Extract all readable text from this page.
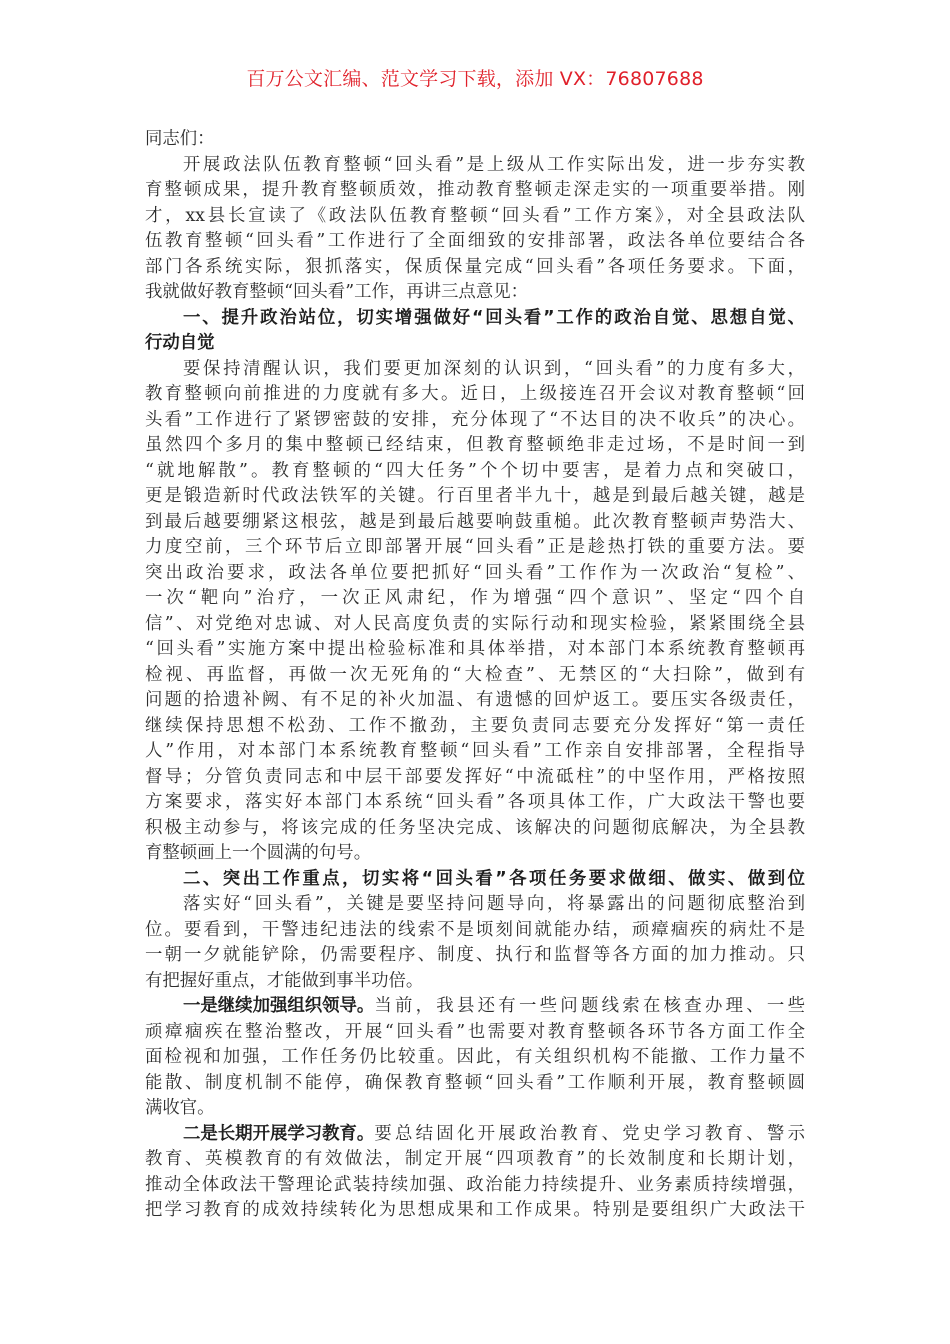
百万公文汇编、范文学习下载，添加 VX：76807688
同志们：
开展政法队伍教育整顿“回头看”是上级从工作实际出发，进一步夯实教
育整顿成果，提升教育整顿质效，推动教育整顿走深走实的一项重要举措。刚
才，xx县长宣读了《政法队伍教育整顿“回头看”工作方案》，对全县政法队
伍教育整顿“回头看”工作进行了全面细致的安排部署，政法各单位要结合各
部门各系统实际，狠抓落实，保质保量完成“回头看”各项任务要求。下面，
我就做好教育整顿“回头看”工作，再讲三点意见：
一、提升政治站位，切实增强做好“回头看”工作的政治自觉、思想自觉、
行动自觉
要保持清醒认识，我们要更加深刻的认识到，“回头看”的力度有多大，
教育整顿向前推进的力度就有多大。近日，上级接连召开会议对教育整顿“回
头看”工作进行了紧锣密鼓的安排，充分体现了“不达目的决不收兵”的决心。
虽然四个多月的集中整顿已经结束，但教育整顿绝非走过场，不是时间一到
“就地解散”。教育整顿的“四大任务”个个切中要害，是着力点和突破口，
更是锻造新时代政法铁军的关键。行百里者半九十，越是到最后越关键，越是
到最后越要绷紧这根弦，越是到最后越要响鼓重槌。此次教育整顿声势浩大、
力度空前，三个环节后立即部署开展“回头看”正是趁热打铁的重要方法。要
突出政治要求，政法各单位要把抓好“回头看”工作作为一次政治“复检”、
一次“靶向”治疗，一次正风肃纪，作为增强“四个意识”、坚定“四个自
信”、对党绝对忠诚、对人民高度负责的实际行动和现实检验，紧紧围绕全县
“回头看”实施方案中提出检验标准和具体举措，对本部门本系统教育整顿再
检视、再监督，再做一次无死角的“大检查”、无禁区的“大扫除”，做到有
问题的拾遗补阙、有不足的补火加温、有遗憾的回炉返工。要压实各级责任，
继续保持思想不松劲、工作不撤劲，主要负责同志要充分发挥好“第一责任
人”作用，对本部门本系统教育整顿“回头看”工作亲自安排部署，全程指导
督导；分管负责同志和中层干部要发挥好“中流砥柱”的中坚作用，严格按照
方案要求，落实好本部门本系统“回头看”各项具体工作，广大政法干警也要
积极主动参与，将该完成的任务坚决完成、该解决的问题彻底解决，为全县教
育整顿画上一个圆满的句号。
二、突出工作重点，切实将“回头看”各项任务要求做细、做实、做到位
落实好“回头看”，关键是要坚持问题导向，将暴露出的问题彻底整治到
位。要看到，干警违纪违法的线索不是顷刻间就能办结，顽瘴痼疾的病灶不是
一朝一夕就能铲除，仍需要程序、制度、执行和监督等各方面的加力推动。只
有把握好重点，才能做到事半功倍。
一是继续加强组织领导。 当前，我县还有一些问题线索在核查办理、一些
顽瘴痼疾在整治整改，开展“回头看”也需要对教育整顿各环节各方面工作全
面检视和加强，工作任务仍比较重。因此，有关组织机构不能撤、工作力量不
能散、制度机制不能停，确保教育整顿“回头看”工作顺利开展，教育整顿圆
满收官。
二是长期开展学习教育。 要总结固化开展政治教育、党史学习教育、警示
教育、英模教育的有效做法，制定开展“四项教育”的长效制度和长期计划，
推动全体政法干警理论武装持续加强、政治能力持续提升、业务素质持续增强，
把学习教育的成效持续转化为思想成果和工作成果。特别是要组织广大政法干
